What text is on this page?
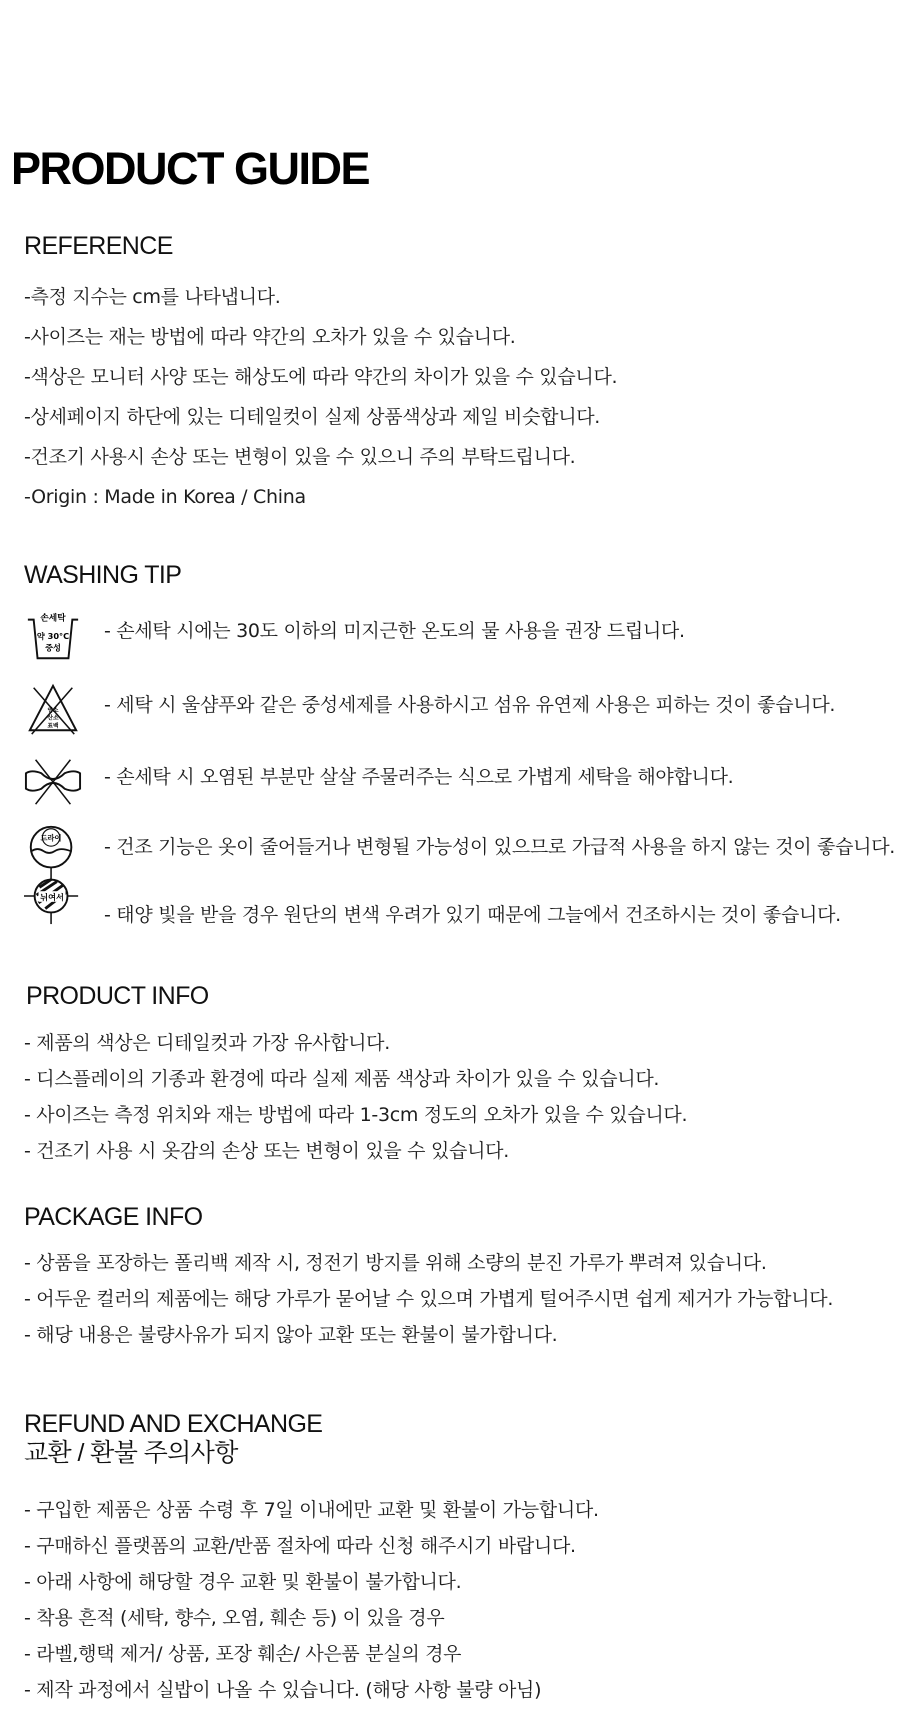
PRODUCT GUIDE
REFERENCE
-측정 지수는 cm를 나타냅니다.
-사이즈는 재는 방법에 따라 약간의 오차가 있을 수 있습니다.
-색상은 모니터 사양 또는 해상도에 따라 약간의 차이가 있을 수 있습니다.
-상세페이지 하단에 있는 디테일컷이 실제 상품색상과 제일 비슷합니다.
-건조기 사용시 손상 또는 변형이 있을 수 있으니 주의 부탁드립니다.
-Origin : Made in Korea / China
WASHING TIP
손세탁
약 30°C
중성
- 손세탁 시에는 30도 이하의 미지근한 온도의 물 사용을 권장 드립니다.
염소
산소
표백
- 세탁 시 울샴푸와 같은 중성세제를 사용하시고 섬유 유연제 사용은 피하는 것이 좋습니다.
- 손세탁 시 오염된 부분만 살살 주물러주는 식으로 가볍게 세탁을 해야합니다.
드라이 - 건조 기능은 옷이 줄어들거나 변형될 가능성이 있으므로 가급적 사용을 하지 않는 것이 좋습니다.
뉘여서
- 태양 빛을 받을 경우 원단의 변색 우려가 있기 때문에 그늘에서 건조하시는 것이 좋습니다.
PRODUCT INFO
- 제품의 색상은 디테일컷과 가장 유사합니다.
- 디스플레이의 기종과 환경에 따라 실제 제품 색상과 차이가 있을 수 있습니다.
- 사이즈는 측정 위치와 재는 방법에 따라 1-3cm 정도의 오차가 있을 수 있습니다.
- 건조기 사용 시 옷감의 손상 또는 변형이 있을 수 있습니다.
PACKAGE INFO
- 상품을 포장하는 폴리백 제작 시, 정전기 방지를 위해 소량의 분진 가루가 뿌려져 있습니다.
- 어두운 컬러의 제품에는 해당 가루가 묻어날 수 있으며 가볍게 털어주시면 쉽게 제거가 가능합니다.
- 해당 내용은 불량사유가 되지 않아 교환 또는 환불이 불가합니다.
REFUND AND EXCHANGE
교환 / 환불 주의사항
- 구입한 제품은 상품 수령 후 7일 이내에만 교환 및 환불이 가능합니다.
- 구매하신 플랫폼의 교환/반품 절차에 따라 신청 해주시기 바랍니다.
- 아래 사항에 해당할 경우 교환 및 환불이 불가합니다.
- 착용 흔적 (세탁, 향수, 오염, 훼손 등) 이 있을 경우
- 라벨,행택 제거/ 상품, 포장 훼손/ 사은품 분실의 경우
- 제작 과정에서 실밥이 나올 수 있습니다. (해당 사항 불량 아님)
